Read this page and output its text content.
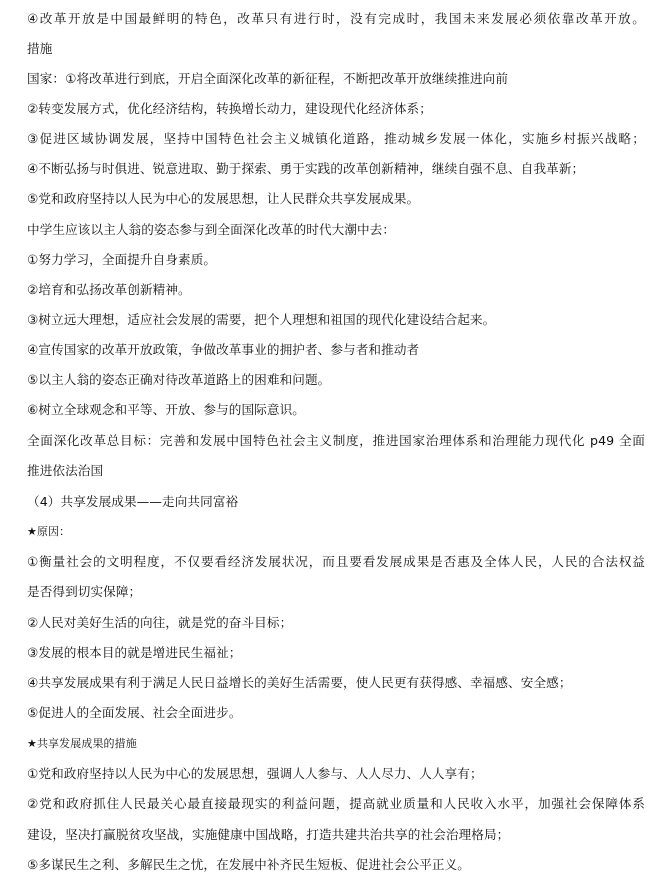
④改革开放是中国最鲜明的特色，改革只有进行时，没有完成时，我国未来发展必须依靠改革开放。
措施
国家：①将改革进行到底，开启全面深化改革的新征程，不断把改革开放继续推进向前
②转变发展方式，优化经济结构，转换增长动力，建设现代化经济体系；
③促进区域协调发展，坚持中国特色社会主义城镇化道路，推动城乡发展一体化，实施乡村振兴战略；
④不断弘扬与时俱进、锐意进取、勤于探索、勇于实践的改革创新精神，继续自强不息、自我革新；
⑤党和政府坚持以人民为中心的发展思想，让人民群众共享发展成果。
中学生应该以主人翁的姿态参与到全面深化改革的时代大潮中去：
①努力学习，全面提升自身素质。
②培育和弘扬改革创新精神。
③树立远大理想，适应社会发展的需要，把个人理想和祖国的现代化建设结合起来。
④宣传国家的改革开放政策，争做改革事业的拥护者、参与者和推动者
⑤以主人翁的姿态正确对待改革道路上的困难和问题。
⑥树立全球观念和平等、开放、参与的国际意识。
全面深化改革总目标：完善和发展中国特色社会主义制度，推进国家治理体系和治理能力现代化 p49 全面
推进依法治国
（4）共享发展成果——走向共同富裕
★原因：
①衡量社会的文明程度，不仅要看经济发展状况，而且要看发展成果是否惠及全体人民，人民的合法权益
是否得到切实保障；
②人民对美好生活的向往，就是党的奋斗目标；
③发展的根本目的就是增进民生福祉；
④共享发展成果有利于满足人民日益增长的美好生活需要，使人民更有获得感、幸福感、安全感；
⑤促进人的全面发展、社会全面进步。
★共享发展成果的措施
①党和政府坚持以人民为中心的发展思想，强调人人参与、人人尽力、人人享有；
②党和政府抓住人民最关心最直接最现实的利益问题，提高就业质量和人民收入水平，加强社会保障体系
建设，坚决打赢脱贫攻坚战，实施健康中国战略，打造共建共治共享的社会治理格局；
⑤多谋民生之利、多解民生之忧，在发展中补齐民生短板、促进社会公平正义。
